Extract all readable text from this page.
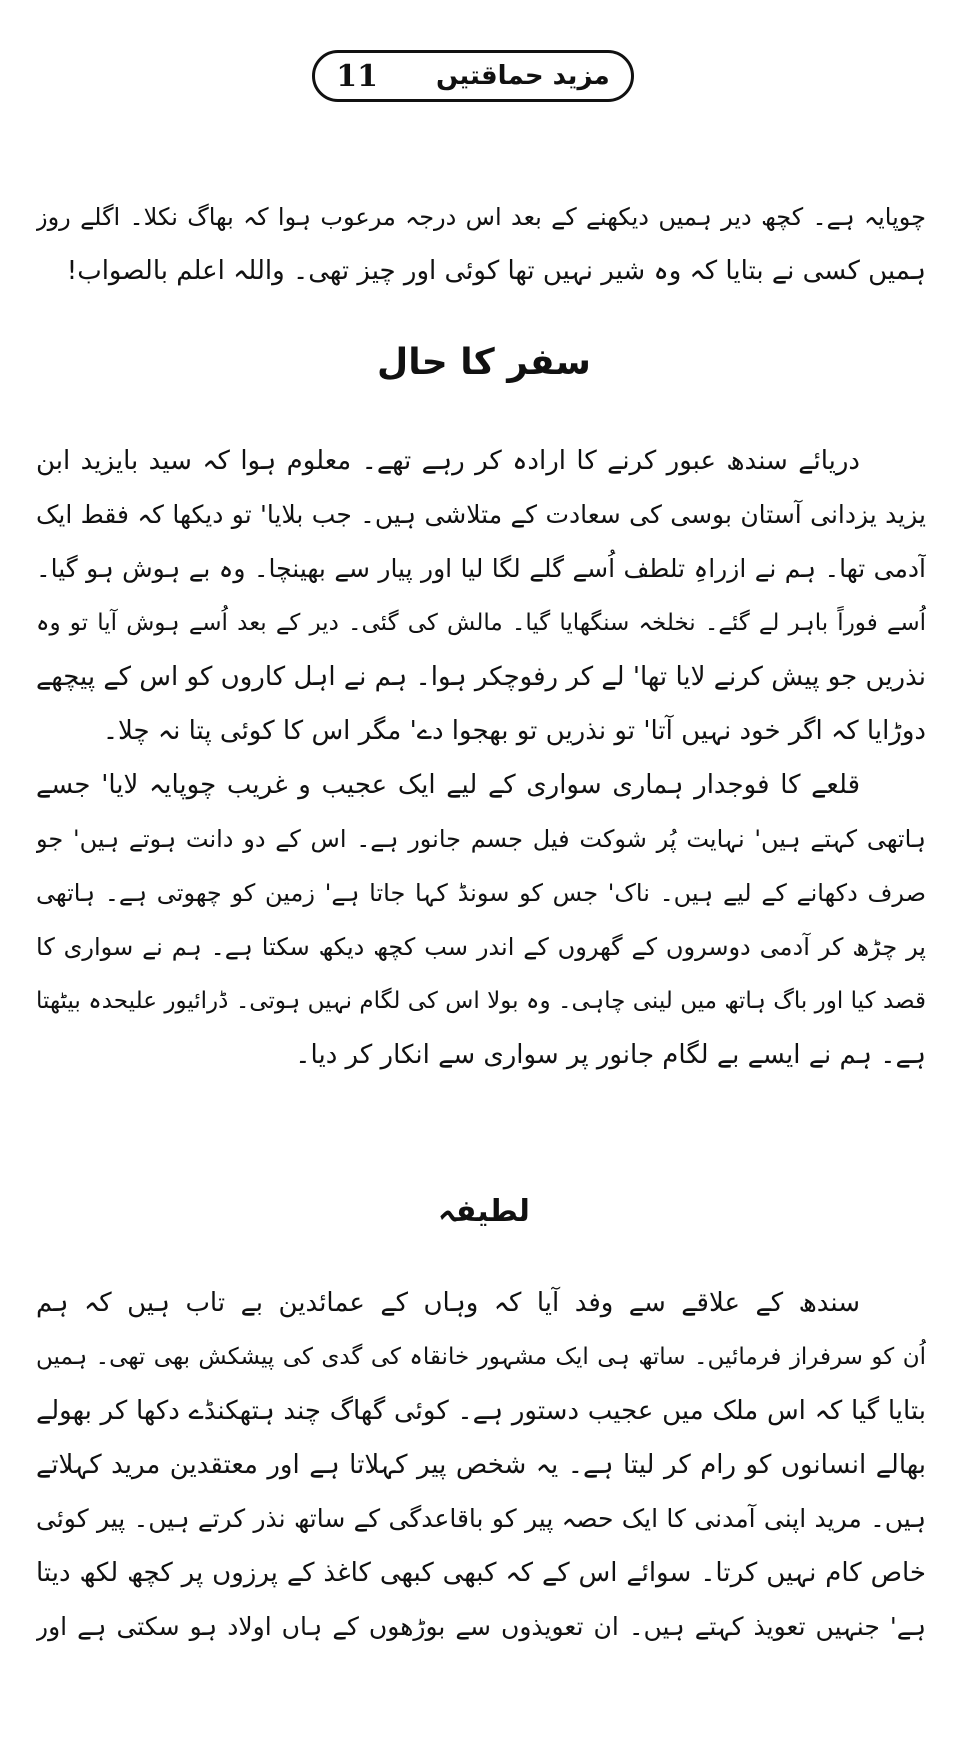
11 مزید حماقتیں
چوپایہ ہے۔ کچھ دیر ہمیں دیکھنے کے بعد اس درجہ مرعوب ہوا کہ بھاگ نکلا۔ اگلے روز
ہمیں کسی نے بتایا کہ وہ شیر نہیں تھا کوئی اور چیز تھی۔ واللہ اعلم بالصواب!
سفر کا حال
دریائے سندھ عبور کرنے کا ارادہ کر رہے تھے۔ معلوم ہوا کہ سید بایزید ابن
یزید یزدانی آستان بوسی کی سعادت کے متلاشی ہیں۔ جب بلایا' تو دیکھا کہ فقط ایک
آدمی تھا۔ ہم نے ازراہِ تلطف اُسے گلے لگا لیا اور پیار سے بھینچا۔ وہ بے ہوش ہو گیا۔
اُسے فوراً باہر لے گئے۔ نخلخہ سنگھایا گیا۔ مالش کی گئی۔ دیر کے بعد اُسے ہوش آیا تو وہ
نذریں جو پیش کرنے لایا تھا' لے کر رفوچکر ہوا۔ ہم نے اہل کاروں کو اس کے پیچھے
دوڑایا کہ اگر خود نہیں آتا' تو نذریں تو بھجوا دے' مگر اس کا کوئی پتا نہ چلا۔
قلعے کا فوجدار ہماری سواری کے لیے ایک عجیب و غریب چوپایہ لایا' جسے
ہاتھی کہتے ہیں' نہایت پُر شوکت فیل جسم جانور ہے۔ اس کے دو دانت ہوتے ہیں' جو
صرف دکھانے کے لیے ہیں۔ ناک' جس کو سونڈ کہا جاتا ہے' زمین کو چھوتی ہے۔ ہاتھی
پر چڑھ کر آدمی دوسروں کے گھروں کے اندر سب کچھ دیکھ سکتا ہے۔ ہم نے سواری کا
قصد کیا اور باگ ہاتھ میں لینی چاہی۔ وہ بولا اس کی لگام نہیں ہوتی۔ ڈرائیور علیحدہ بیٹھتا
ہے۔ ہم نے ایسے بے لگام جانور پر سواری سے انکار کر دیا۔
لطیفہ
سندھ کے علاقے سے وفد آیا کہ وہاں کے عمائدین بے تاب ہیں کہ ہم
اُن کو سرفراز فرمائیں۔ ساتھ ہی ایک مشہور خانقاہ کی گدی کی پیشکش بھی تھی۔ ہمیں
بتایا گیا کہ اس ملک میں عجیب دستور ہے۔ کوئی گھاگ چند ہتھکنڈے دکھا کر بھولے
بھالے انسانوں کو رام کر لیتا ہے۔ یہ شخص پیر کہلاتا ہے اور معتقدین مرید کہلاتے
ہیں۔ مرید اپنی آمدنی کا ایک حصہ پیر کو باقاعدگی کے ساتھ نذر کرتے ہیں۔ پیر کوئی
خاص کام نہیں کرتا۔ سوائے اس کے کہ کبھی کبھی کاغذ کے پرزوں پر کچھ لکھ دیتا
ہے' جنہیں تعویذ کہتے ہیں۔ ان تعویذوں سے بوڑھوں کے ہاں اولاد ہو سکتی ہے اور
